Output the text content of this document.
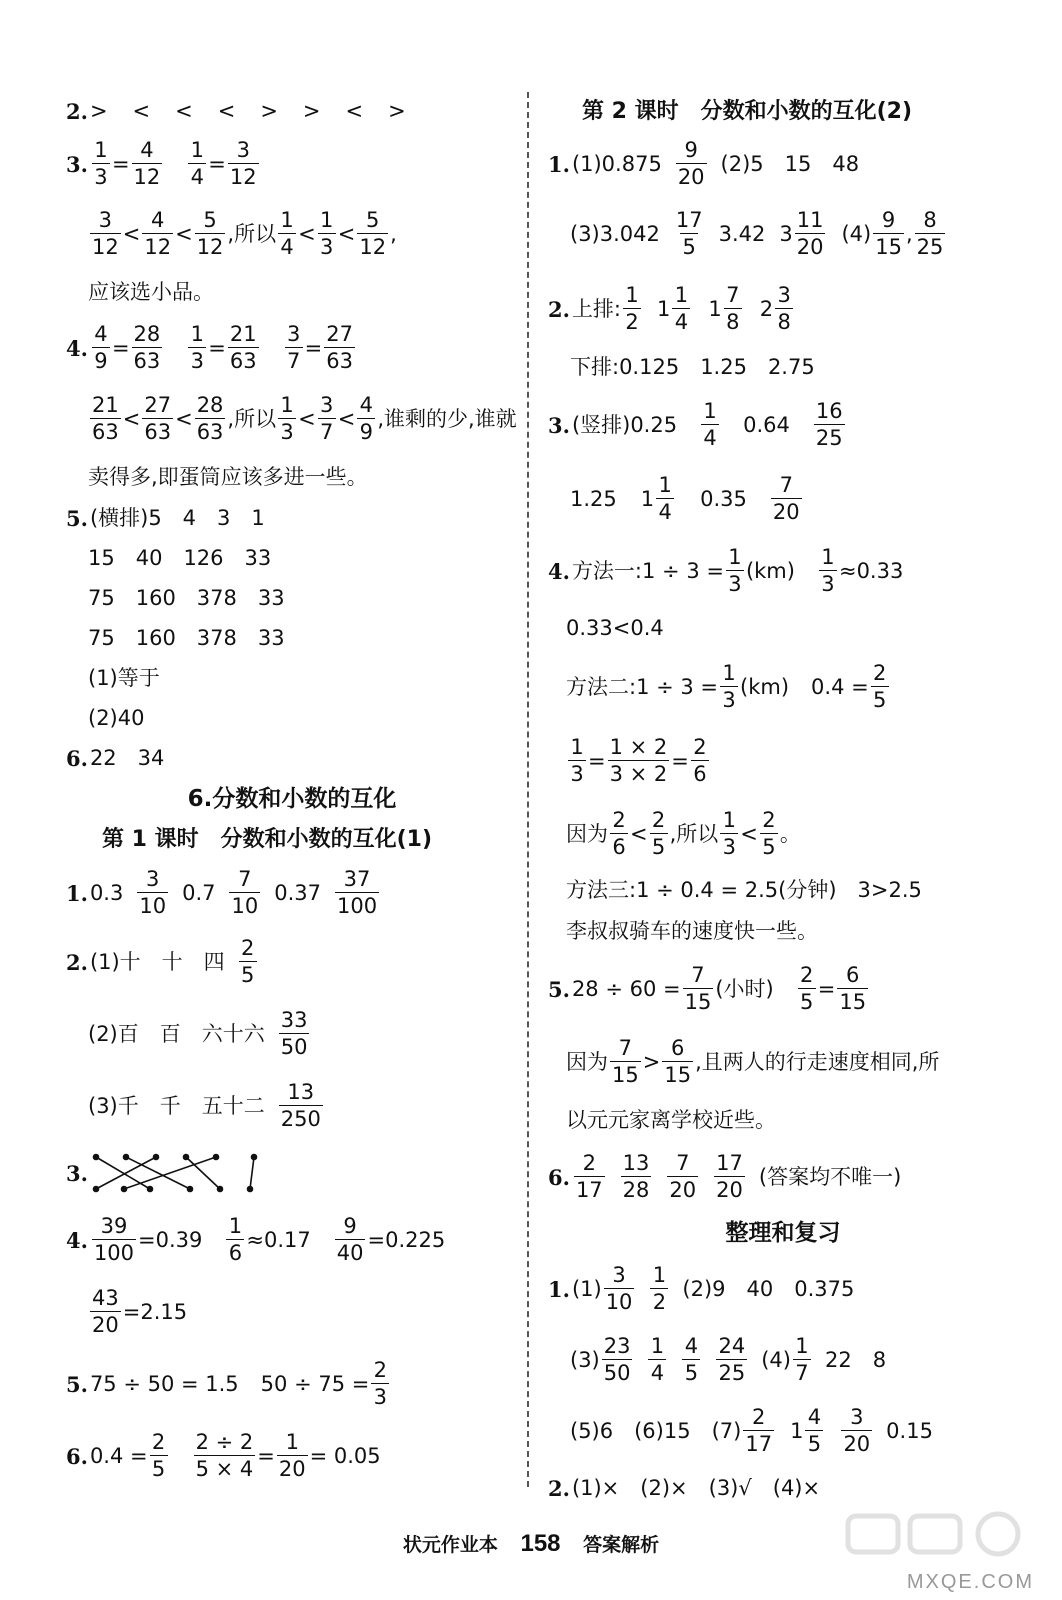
2. >　<　<　<　>　>　<　>
3.
1
3
=
4
12
1
4
=
3
12
3
12
<
4
12
<
5
12
,所以
1
4
<
1
3
<
5
12
,
应该选小品。
4.
4
9
=
28
63
1
3
=
21
63
3
7
=
27
63
21
63
<
27
63
<
28
63
,所以
1
3
<
3
7
<
4
9
,谁剩的少,谁就
卖得多,即蛋筒应该多进一些。
5. (横排)5　4　3　1
15　40　126　33
75　160　378　33
75　160　378　33
(1)等于
(2)40
6. 22　34
6.分数和小数的互化
第 1 课时　分数和小数的互化(1)
1. 0.3
3
10
0.7
7
10
0.37
37
100
2. (1)十　十　四
2
5
(2)百　百　六十六
33
50
(3)千　千　五十二
13
250
3.
4. $\frac{39}{100} =0.39 \frac{1}{6} \approx 0.17 \frac{9}{40} =0.225$
$\frac{43}{20} =2.15$
5. 75 ÷ 50 = 1.5 $50 \div 75 = \frac{2}{3}$
6. $0.4 = \frac{2}{5} \frac{2 \div 2}{5 \times 4} = \frac{1}{20} = 0.05$
第 2 课时　分数和小数的互化(2)
1. (1)0.875
9
20
(2)5　15　48
(3)3.042
17
5
3.42 3
11
20
(4)
9
15
,
8
25
2. 上排:
1
2
1
1
4
1
7
8
2
3
8
下排:0.125　1.25　2.75
3. (竖排)0.25
1
4
0.64
16
25
1.25 1
1
4
0.35
7
20
4. 方法一:1 ÷ $3 = \frac{1}{3} (km) \frac{1}{3} \approx 0.33$
0.33<0.4
方法二:1 ÷ $3 = \frac{1}{3} (km) 0.4 = \frac{2}{5}$
1
3
=
1 × 2
3 × 2
=
2
6
因为
2
6
<
2
5
,所以
1
3
<
2
5
。
方法三:1 ÷ 0.4 = 2.5(分钟)　3>2.5
李叔叔骑车的速度快一些。
5. $28 \div 60 = \frac{7}{15}$ (小时)
2
5
=
6
15
因为
7
15
>
6
15
,且两人的行走速度相同,所
以元元家离学校近些。
6.
2
17
13
28
7
20
17
20
(答案均不唯一)
整理和复习
1. (1)
3
10
1
2
(2)9　40　0.375
(3)
23
50
1
4
4
5
24
25
(4)
1
7
22　8
(5)6　(6)15　(7)
2
17
1
4
5
3
20
0.15
2. (1)×　(2)×　(3)√　(4)×
状元作业本 158 答案解析
MXQE.COM
